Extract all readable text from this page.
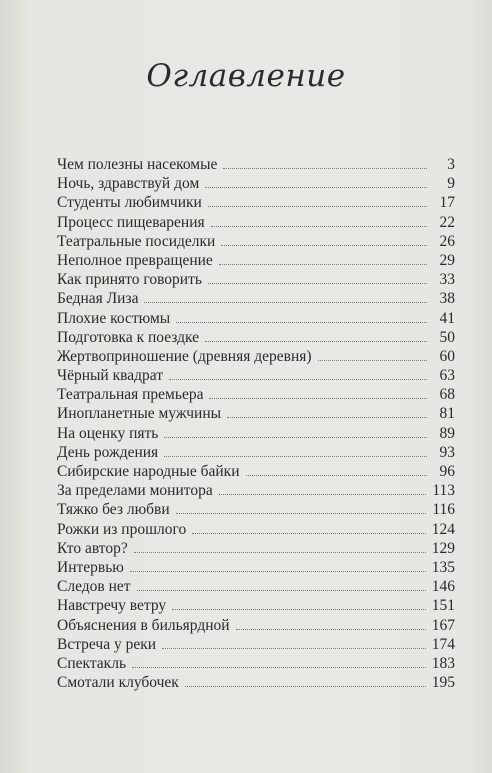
Оглавление
Чем полезны насекомые	3
Ночь, здравствуй дом	9
Студенты любимчики	17
Процесс пищеварения	22
Театральные посиделки	26
Неполное превращение	29
Как принято говорить	33
Бедная Лиза	38
Плохие костюмы	41
Подготовка к поездке	50
Жертвоприношение (древняя деревня)	60
Чёрный квадрат	63
Театральная премьера	68
Инопланетные мужчины	81
На оценку пять	89
День рождения	93
Сибирские народные байки	96
За пределами монитора	113
Тяжко без любви	116
Рожки из прошлого	124
Кто автор?	129
Интервью	135
Следов нет	146
Навстречу ветру	151
Объяснения в бильярдной	167
Встреча у реки	174
Спектакль	183
Смотали клубочек	195
